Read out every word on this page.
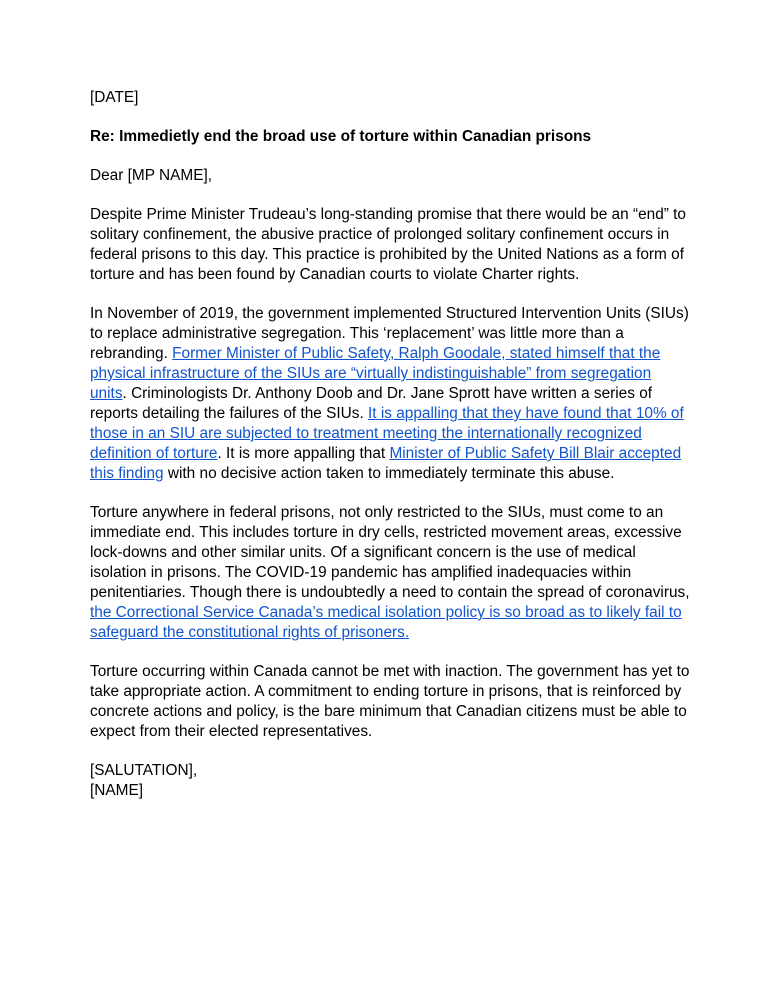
[DATE]

Re: Immedietly end the broad use of torture within Canadian prisons

Dear [MP NAME],

Despite Prime Minister Trudeau’s long-standing promise that there would be an “end” to solitary confinement, the abusive practice of prolonged solitary confinement occurs in federal prisons to this day. This practice is prohibited by the United Nations as a form of torture and has been found by Canadian courts to violate Charter rights.

In November of 2019, the government implemented Structured Intervention Units (SIUs) to replace administrative segregation. This ‘replacement’ was little more than a rebranding. Former Minister of Public Safety, Ralph Goodale, stated himself that the physical infrastructure of the SIUs are “virtually indistinguishable” from segregation units. Criminologists Dr. Anthony Doob and Dr. Jane Sprott have written a series of reports detailing the failures of the SIUs. It is appalling that they have found that 10% of those in an SIU are subjected to treatment meeting the internationally recognized definition of torture. It is more appalling that Minister of Public Safety Bill Blair accepted this finding with no decisive action taken to immediately terminate this abuse.

Torture anywhere in federal prisons, not only restricted to the SIUs, must come to an immediate end. This includes torture in dry cells, restricted movement areas, excessive lock-downs and other similar units. Of a significant concern is the use of medical isolation in prisons. The COVID-19 pandemic has amplified inadequacies within penitentiaries. Though there is undoubtedly a need to contain the spread of coronavirus, the Correctional Service Canada’s medical isolation policy is so broad as to likely fail to safeguard the constitutional rights of prisoners.

Torture occurring within Canada cannot be met with inaction. The government has yet to take appropriate action. A commitment to ending torture in prisons, that is reinforced by concrete actions and policy, is the bare minimum that Canadian citizens must be able to expect from their elected representatives.

[SALUTATION],

[NAME]
